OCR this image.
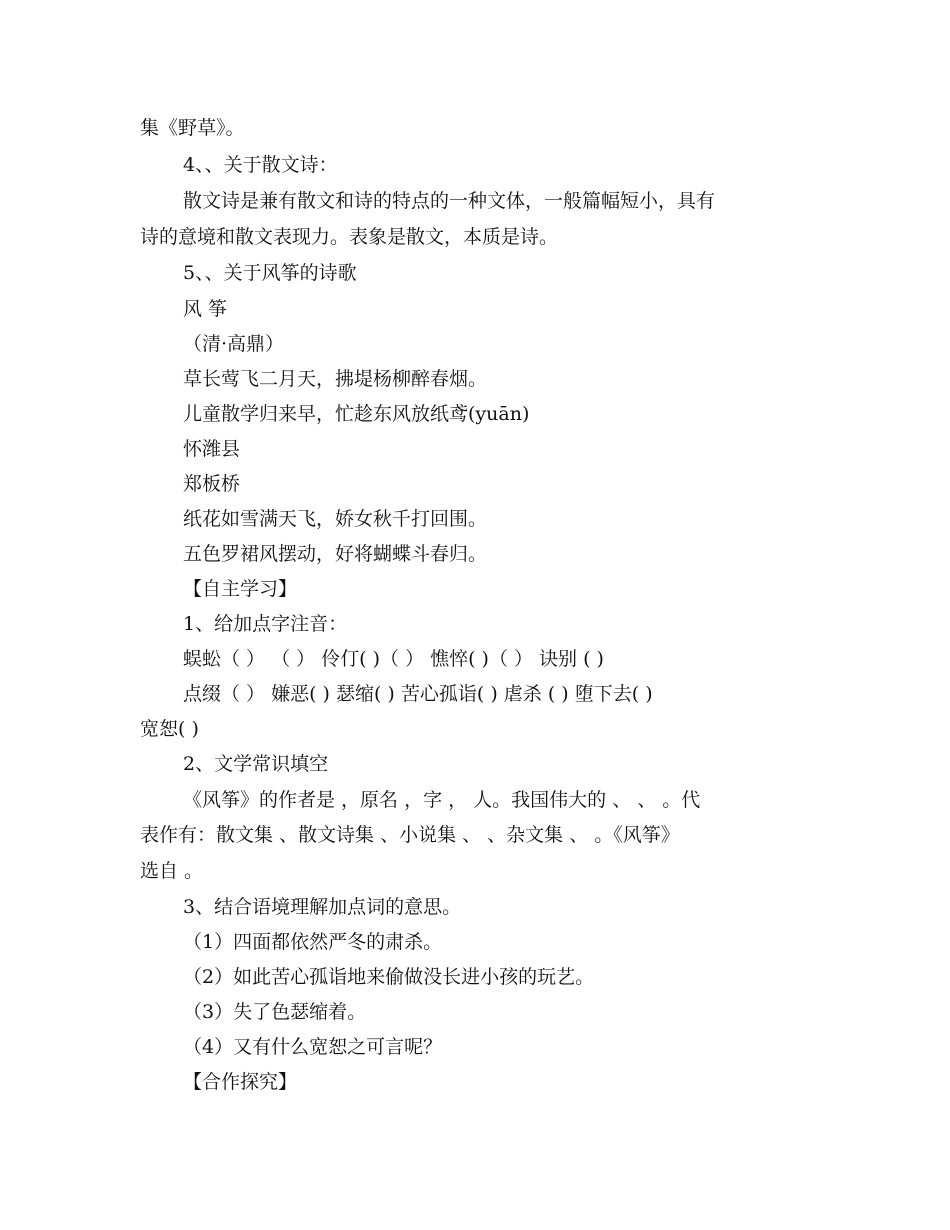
集《野草》。
4、、关于散文诗：
散文诗是兼有散文和诗的特点的一种文体，一般篇幅短小，具有
诗的意境和散文表现力。表象是散文，本质是诗。
5、、关于风筝的诗歌
风 筝
（清·高鼎）
草长莺飞二月天，拂堤杨柳醉春烟。
儿童散学归来早，忙趁东风放纸鸢(yuān)
怀潍县
郑板桥
纸花如雪满天飞，娇女秋千打回围。
五色罗裙风摆动，好将蝴蝶斗春归。
【自主学习】
1、给加点字注音：
蜈蚣（ ） （ ） 伶仃( )（ ） 憔悴( )（ ） 诀别 ( )
点缀（ ） 嫌恶( ) 瑟缩( ) 苦心孤诣( ) 虐杀 ( ) 堕下去( )
宽恕( )
2、文学常识填空
《风筝》的作者是 ，原名 ，字 ， 人。我国伟大的 、 、 。代
表作有：散文集 、散文诗集 、小说集 、 、杂文集 、 。《风筝》
选自 。
3、结合语境理解加点词的意思。
（1）四面都依然严冬的肃杀。
（2）如此苦心孤诣地来偷做没长进小孩的玩艺。
（3）失了色瑟缩着。
（4）又有什么宽恕之可言呢？
【合作探究】
